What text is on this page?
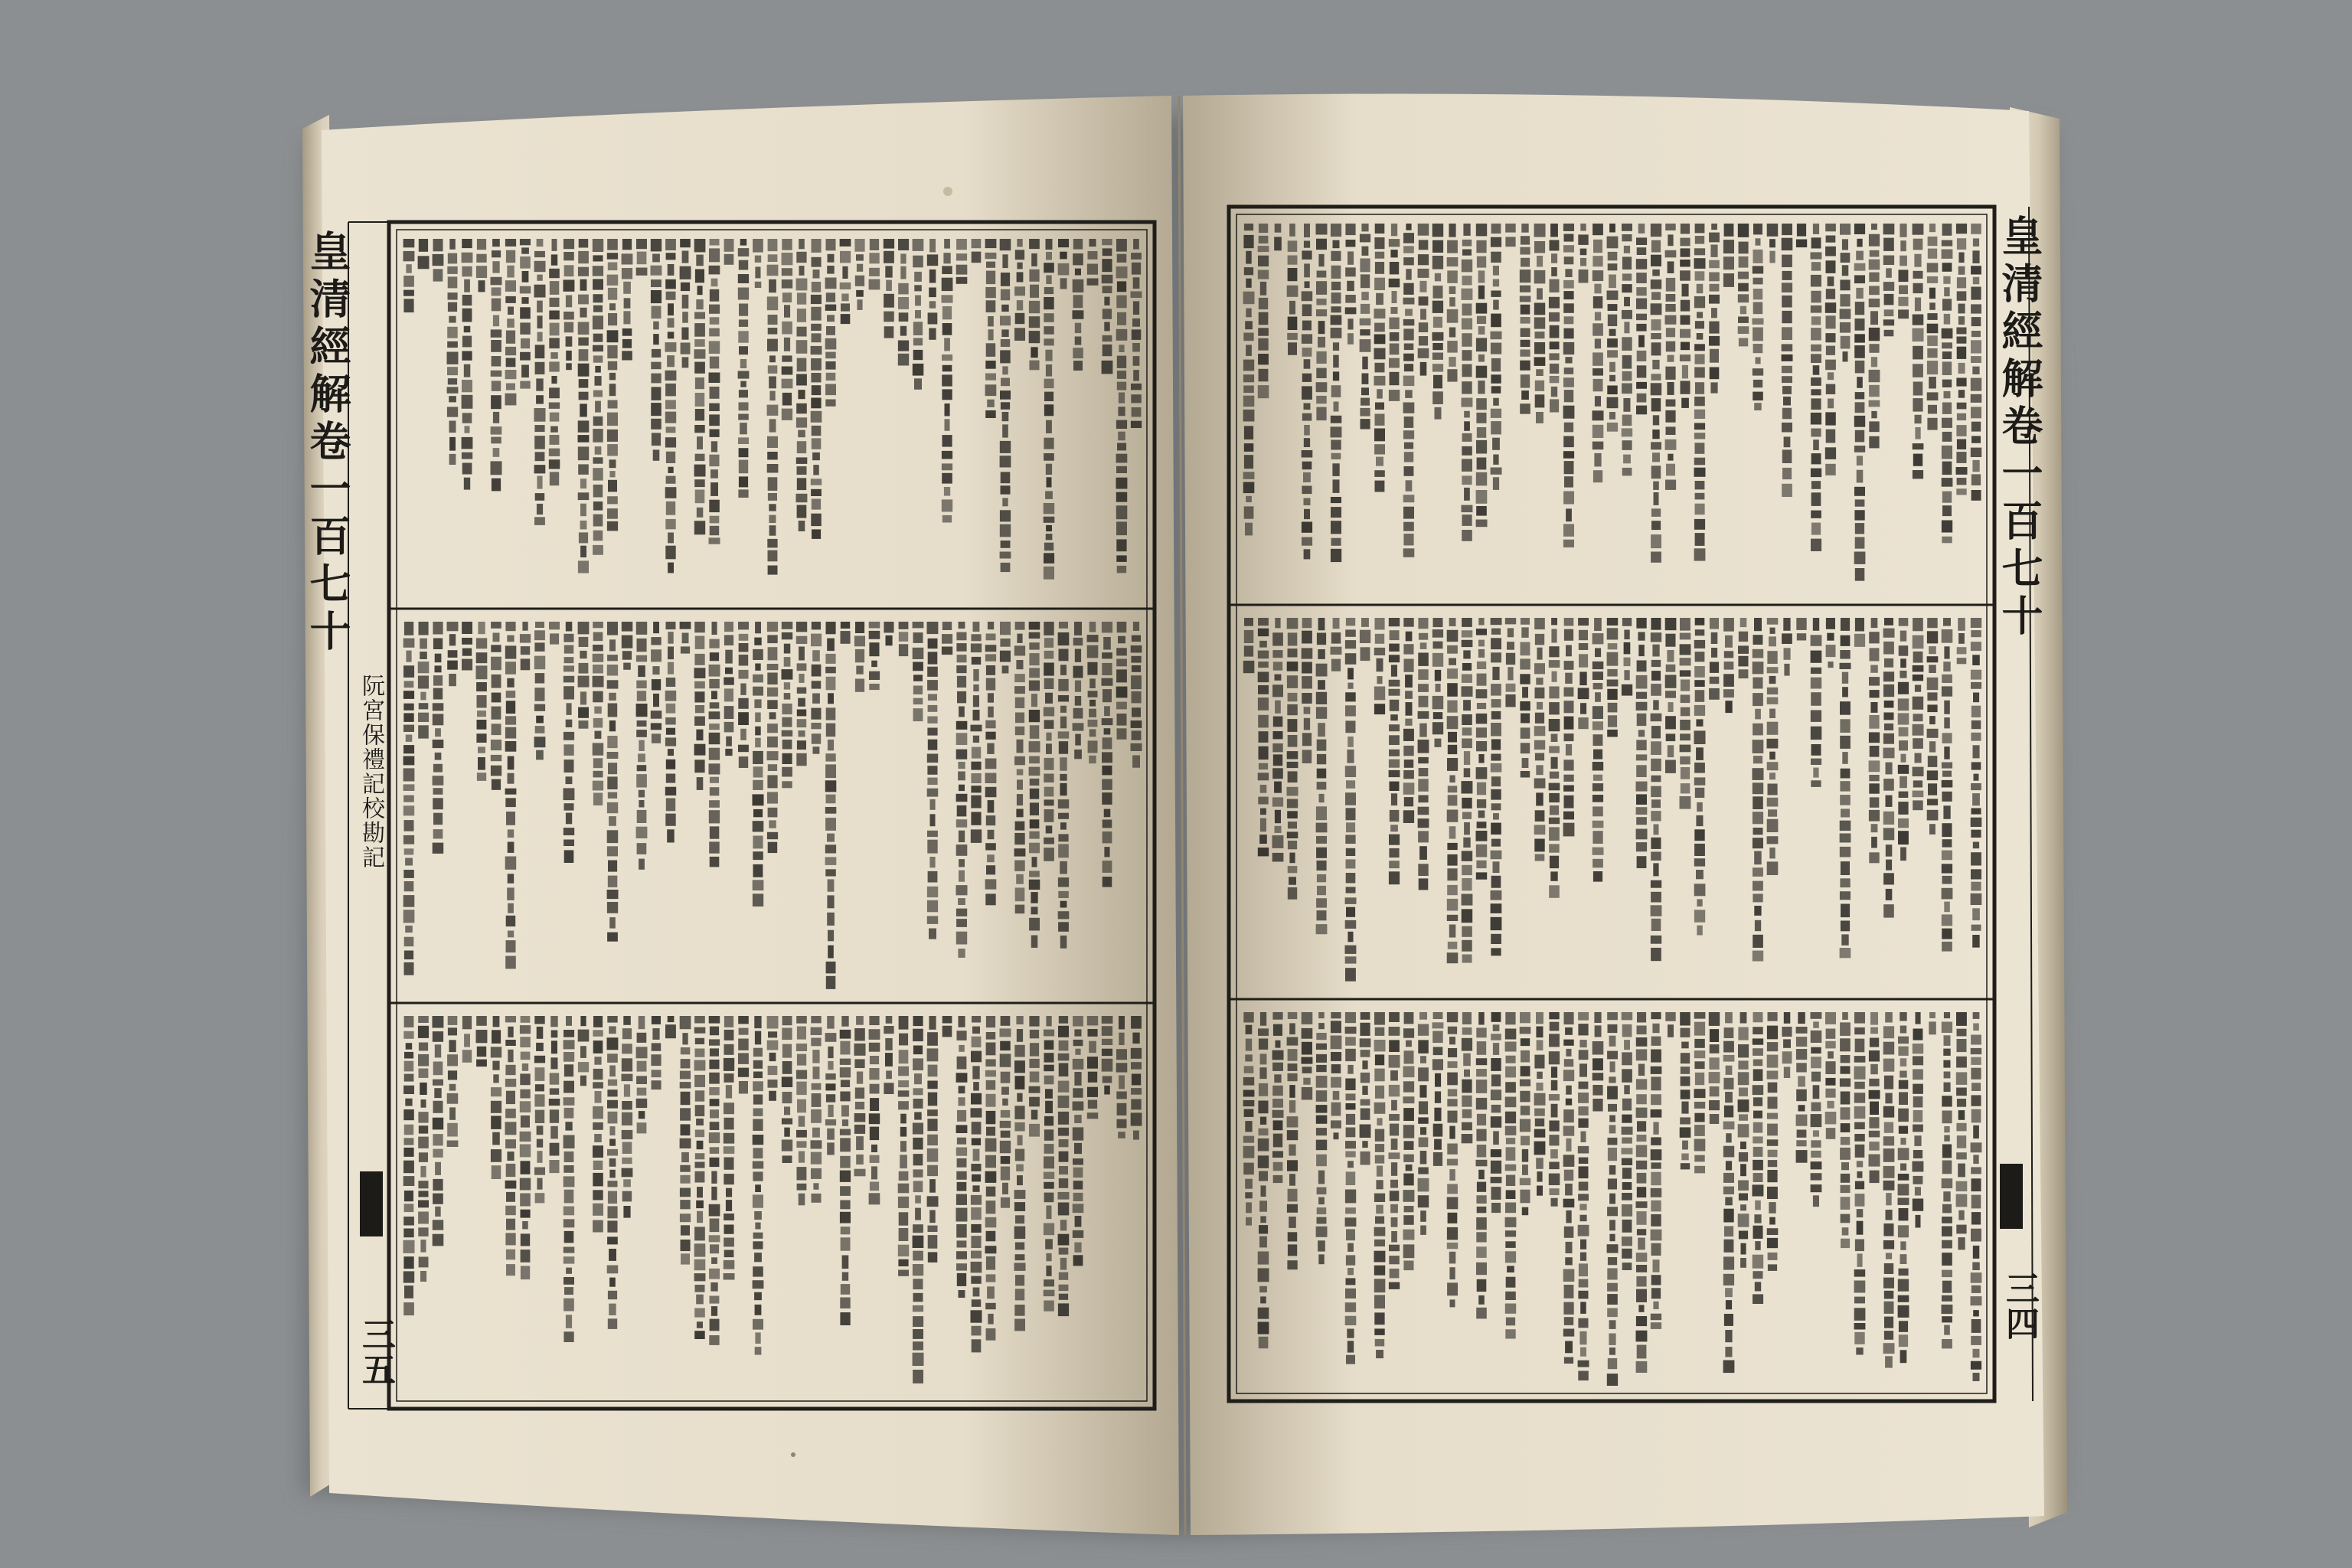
皇清經解卷一百七十
阮宮保禮記校勘記
三五
皇清經解卷一百七十
三四
